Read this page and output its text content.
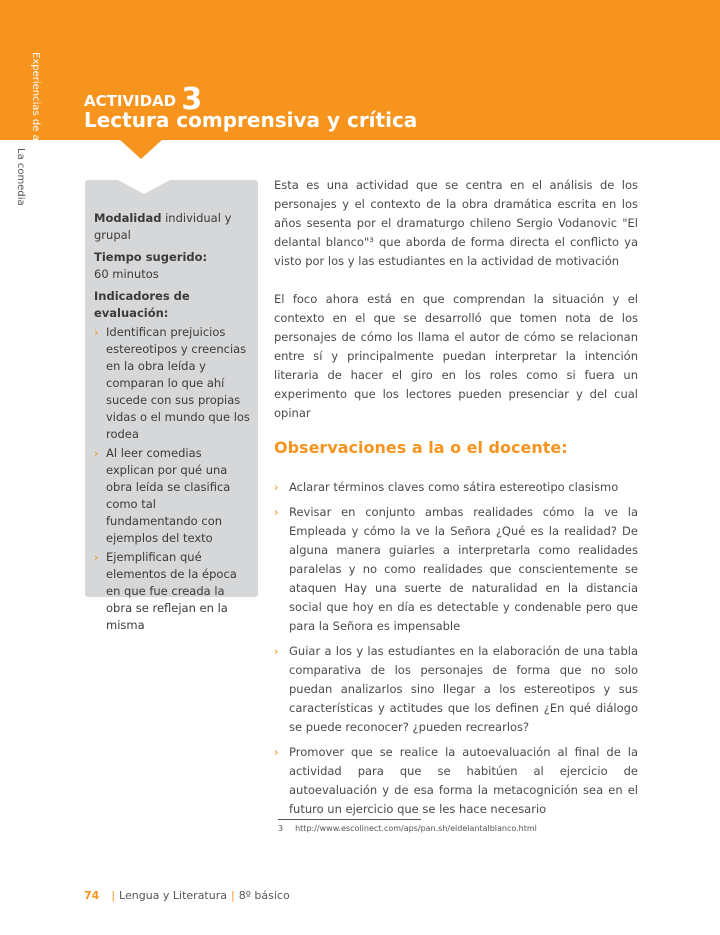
Experiencias de aprendizaje
La comedia
ACTIVIDAD 3
Lectura comprensiva y crítica

Modalidad individual y grupal

Tiempo sugerido:
60 minutos

Indicadores de evaluación:

› Identifican prejuicios estereotipos y creencias en la obra leída y comparan lo que ahí sucede con sus propias vidas o el mundo que los rodea
› Al leer comedias explican por qué una obra leída se clasifica como tal fundamentando con ejemplos del texto
› Ejemplifican qué elementos de la época en que fue creada la obra se reflejan en la misma

Esta es una actividad que se centra en el análisis de los personajes y el contexto de la obra dramática escrita en los años sesenta por el dramaturgo chileno Sergio Vodanovic "El delantal blanco"³ que aborda de forma directa el conflicto ya visto por los y las estudiantes en la actividad de motivación

El foco ahora está en que comprendan la situación y el contexto en el que se desarrolló que tomen nota de los personajes de cómo los llama el autor de cómo se relacionan entre sí y principalmente puedan interpretar la intención literaria de hacer el giro en los roles como si fuera un experimento que los lectores pueden presenciar y del cual opinar

Observaciones a la o el docente:
› Aclarar términos claves como sátira estereotipo clasismo
› Revisar en conjunto ambas realidades cómo la ve la Empleada y cómo la ve la Señora ¿Qué es la realidad? De alguna manera guiarles a interpretarla como realidades paralelas y no como realidades que conscientemente se ataquen Hay una suerte de naturalidad en la distancia social que hoy en día es detectable y condenable pero que para la Señora es impensable
› Guiar a los y las estudiantes en la elaboración de una tabla comparativa de los personajes de forma que no solo puedan analizarlos sino llegar a los estereotipos y sus características y actitudes que los definen ¿En qué diálogo se puede reconocer? ¿pueden recrearlos?
› Promover que se realice la autoevaluación al final de la actividad para que se habitúen al ejercicio de autoevaluación y de esa forma la metacognición sea en el futuro un ejercicio que se les hace necesario
3 http://www.escolinect.com/aps/pan.sh/eldelantalblanco.html
74 | Lengua y Literatura | 8º básico
